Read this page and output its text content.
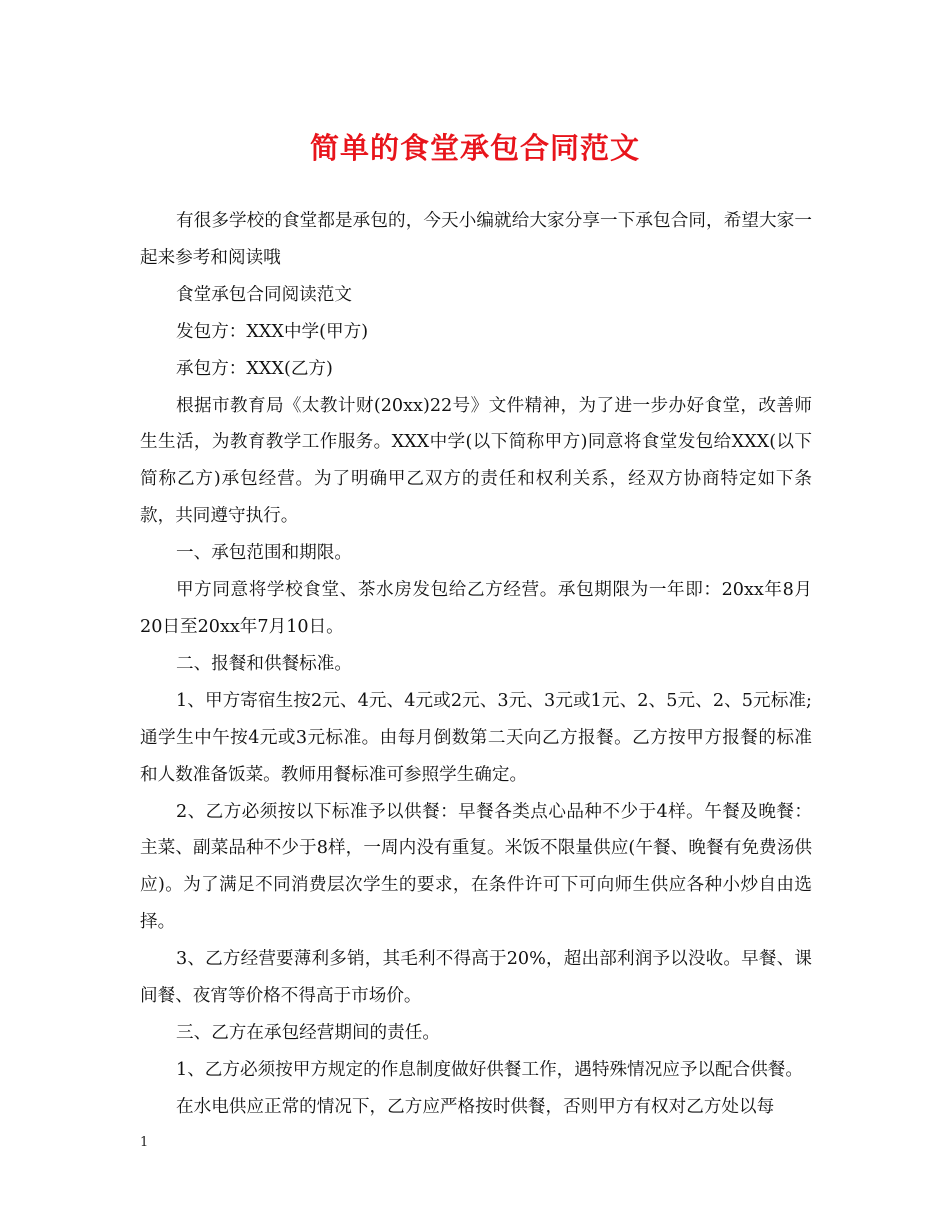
简单的食堂承包合同范文

有很多学校的食堂都是承包的，今天小编就给大家分享一下承包合同，希望大家一起来参考和阅读哦

食堂承包合同阅读范文

发包方：XXX中学(甲方)

承包方：XXX(乙方)

根据市教育局《太教计财(20xx)22号》文件精神，为了进一步办好食堂，改善师生生活，为教育教学工作服务。XXX中学(以下简称甲方)同意将食堂发包给XXX(以下简称乙方)承包经营。为了明确甲乙双方的责任和权利关系，经双方协商特定如下条款，共同遵守执行。

一、承包范围和期限。

甲方同意将学校食堂、茶水房发包给乙方经营。承包期限为一年即：20xx年8月20日至20xx年7月10日。

二、报餐和供餐标准。

1、甲方寄宿生按2元、4元、4元或2元、3元、3元或1元、2、5元、2、5元标准;通学生中午按4元或3元标准。由每月倒数第二天向乙方报餐。乙方按甲方报餐的标准和人数准备饭菜。教师用餐标准可参照学生确定。

2、乙方必须按以下标准予以供餐：早餐各类点心品种不少于4样。午餐及晚餐：主菜、副菜品种不少于8样，一周内没有重复。米饭不限量供应(午餐、晚餐有免费汤供应)。为了满足不同消费层次学生的要求，在条件许可下可向师生供应各种小炒自由选择。

3、乙方经营要薄利多销，其毛利不得高于20%，超出部利润予以没收。早餐、课间餐、夜宵等价格不得高于市场价。

三、乙方在承包经营期间的责任。

1、乙方必须按甲方规定的作息制度做好供餐工作，遇特殊情况应予以配合供餐。

在水电供应正常的情况下，乙方应严格按时供餐，否则甲方有权对乙方处以每

1
